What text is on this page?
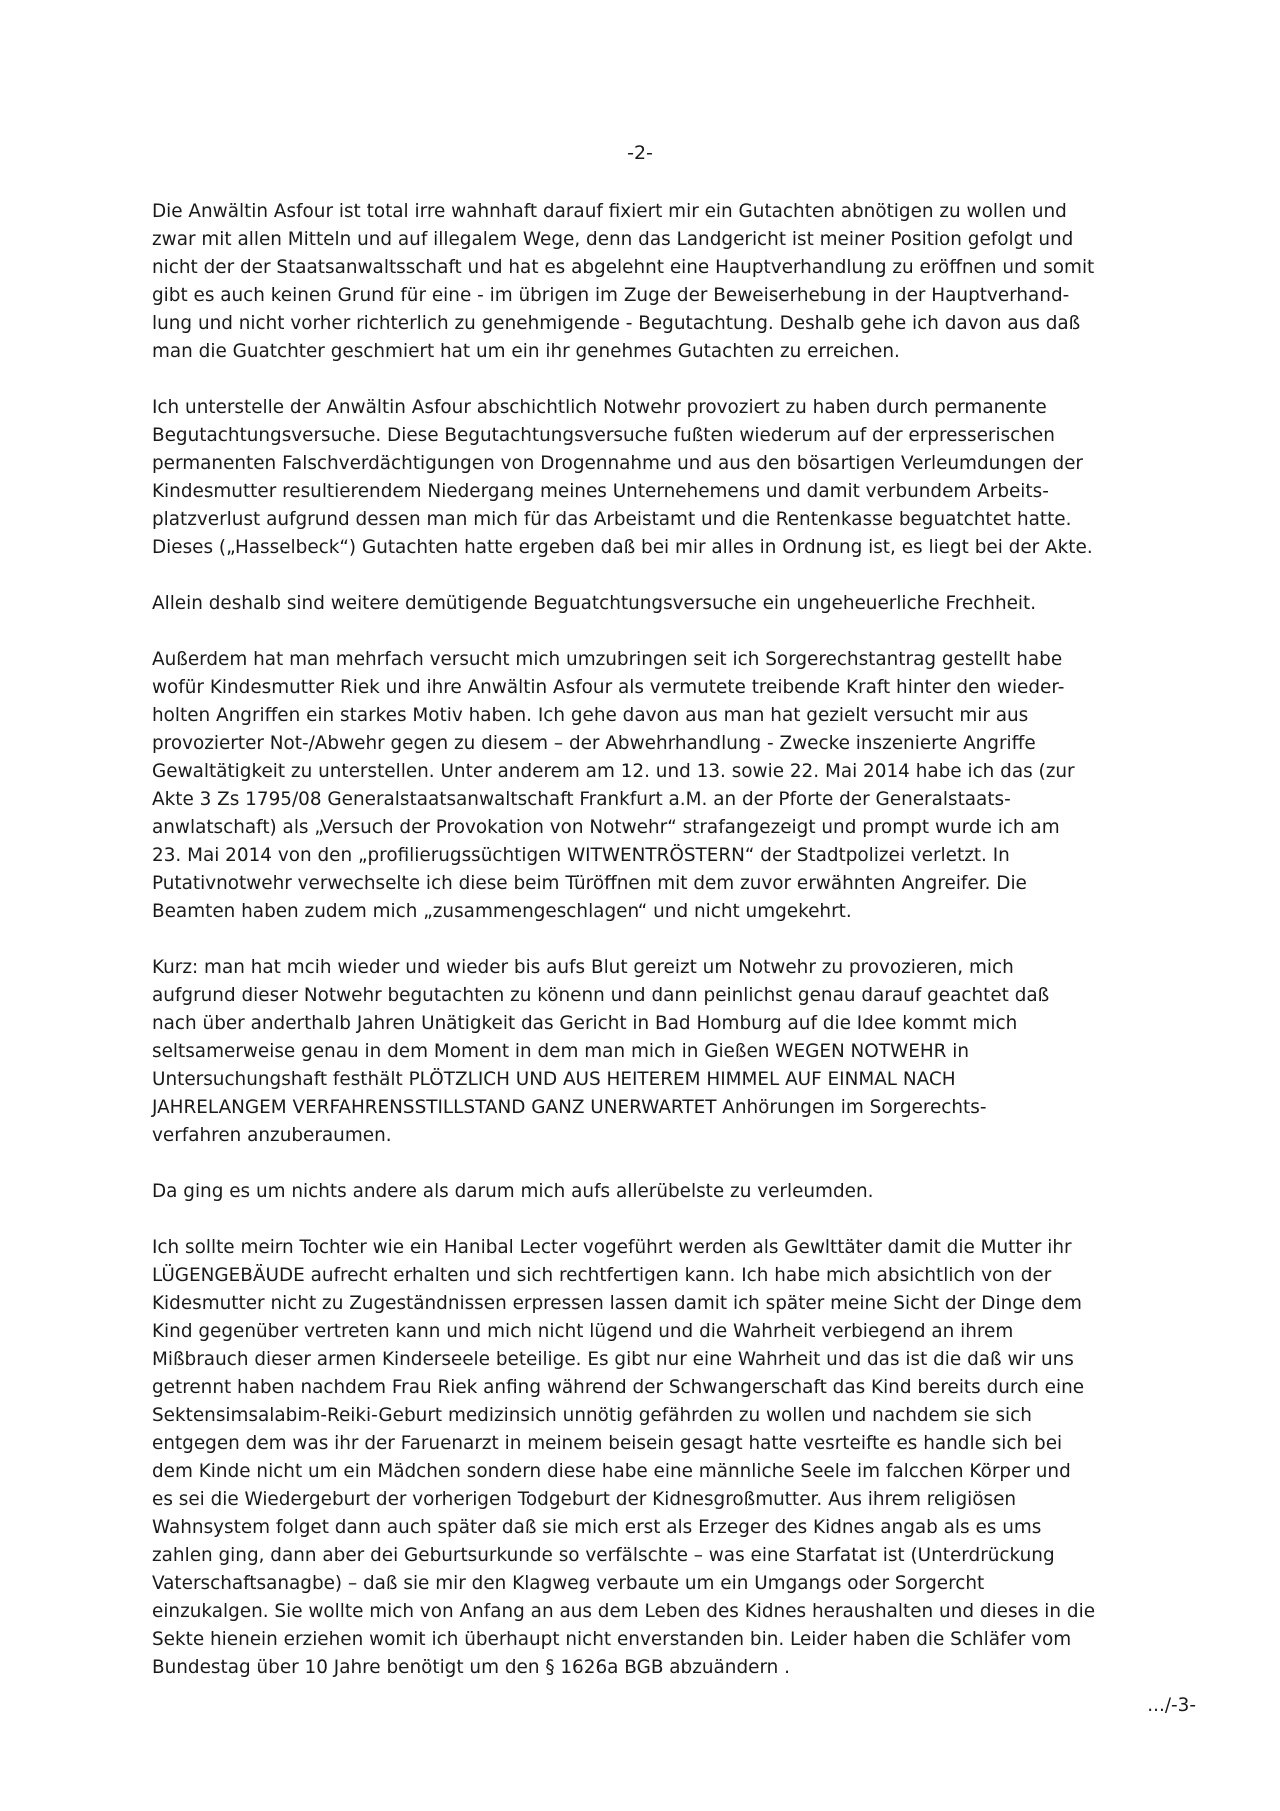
-2-

Die Anwältin Asfour ist total irre wahnhaft darauf fixiert mir ein Gutachten abnötigen zu wollen und
zwar mit allen Mitteln und auf illegalem Wege, denn das Landgericht ist meiner Position gefolgt und
nicht der der Staatsanwaltsschaft und hat es abgelehnt eine Hauptverhandlung zu eröffnen und somit
gibt es auch keinen Grund für eine - im übrigen im Zuge der Beweiserhebung in der Hauptverhand-
lung und nicht vorher richterlich zu genehmigende - Begutachtung. Deshalb gehe ich davon aus daß
man die Guatchter geschmiert hat um ein ihr genehmes Gutachten zu erreichen.

Ich unterstelle der Anwältin Asfour abschichtlich Notwehr provoziert zu haben durch permanente
Begutachtungsversuche. Diese Begutachtungsversuche fußten wiederum auf der erpresserischen
permanenten Falschverdächtigungen von Drogennahme und aus den bösartigen Verleumdungen der
Kindesmutter resultierendem Niedergang meines Unternehemens und damit verbundem Arbeits-
platzverlust aufgrund dessen man mich für das Arbeistamt und die Rentenkasse beguatchtet hatte.
Dieses („Hasselbeck“) Gutachten hatte ergeben daß bei mir alles in Ordnung ist, es liegt bei der Akte.

Allein deshalb sind weitere demütigende Beguatchtungsversuche ein ungeheuerliche Frechheit.

Außerdem hat man mehrfach versucht mich umzubringen seit ich Sorgerechstantrag gestellt habe
wofür Kindesmutter Riek und ihre Anwältin Asfour als vermutete treibende Kraft hinter den wieder-
holten Angriffen ein starkes Motiv haben. Ich gehe davon aus man hat gezielt versucht mir aus
provozierter Not-/Abwehr gegen zu diesem – der Abwehrhandlung - Zwecke inszenierte Angriffe
Gewaltätigkeit zu unterstellen. Unter anderem am 12. und 13. sowie 22. Mai 2014 habe ich das (zur
Akte 3 Zs 1795/08 Generalstaatsanwaltschaft Frankfurt a.M. an der Pforte der Generalstaats-
anwlatschaft) als „Versuch der Provokation von Notwehr“ strafangezeigt und prompt wurde ich am
23. Mai 2014 von den „profilierugssüchtigen WITWENTRÖSTERN“ der Stadtpolizei verletzt. In
Putativnotwehr verwechselte ich diese beim Türöffnen mit dem zuvor erwähnten Angreifer. Die
Beamten haben zudem mich „zusammengeschlagen“ und nicht umgekehrt.

Kurz: man hat mcih wieder und wieder bis aufs Blut gereizt um Notwehr zu provozieren, mich
aufgrund dieser Notwehr begutachten zu könenn und dann peinlichst genau darauf geachtet daß
nach über anderthalb Jahren Unätigkeit das Gericht in Bad Homburg auf die Idee kommt mich
seltsamerweise genau in dem Moment in dem man mich in Gießen WEGEN NOTWEHR in
Untersuchungshaft festhält PLÖTZLICH UND AUS HEITEREM HIMMEL AUF EINMAL NACH
JAHRELANGEM VERFAHRENSSTILLSTAND GANZ UNERWARTET Anhörungen im Sorgerechts-
verfahren anzuberaumen.

Da ging es um nichts andere als darum mich aufs allerübelste zu verleumden.

Ich sollte meirn Tochter wie ein Hanibal Lecter vogeführt werden als Gewlttäter damit die Mutter ihr
LÜGENGEBÄUDE aufrecht erhalten und sich rechtfertigen kann. Ich habe mich absichtlich von der
Kidesmutter nicht zu Zugeständnissen erpressen lassen damit ich später meine Sicht der Dinge dem
Kind gegenüber vertreten kann und mich nicht lügend und die Wahrheit verbiegend an ihrem
Mißbrauch dieser armen Kinderseele beteilige. Es gibt nur eine Wahrheit und das ist die daß wir uns
getrennt haben nachdem Frau Riek anfing während der Schwangerschaft das Kind bereits durch eine
Sektensimsalabim-Reiki-Geburt medizinsich unnötig gefährden zu wollen und nachdem sie sich
entgegen dem was ihr der Faruenarzt in meinem beisein gesagt hatte vesrteifte es handle sich bei
dem Kinde nicht um ein Mädchen sondern diese habe eine männliche Seele im falcchen Körper und
es sei die Wiedergeburt der vorherigen Todgeburt der Kidnesgroßmutter. Aus ihrem religiösen
Wahnsystem folget dann auch später daß sie mich erst als Erzeger des Kidnes angab als es ums
zahlen ging, dann aber dei Geburtsurkunde so verfälschte – was eine Starfatat ist (Unterdrückung
Vaterschaftsanagbe) – daß sie mir den Klagweg verbaute um ein Umgangs oder Sorgercht
einzukalgen. Sie wollte mich von Anfang an aus dem Leben des Kidnes heraushalten und dieses in die
Sekte hienein erziehen womit ich überhaupt nicht enverstanden bin. Leider haben die Schläfer vom
Bundestag über 10 Jahre benötigt um den § 1626a BGB abzuändern .

.../-3-
